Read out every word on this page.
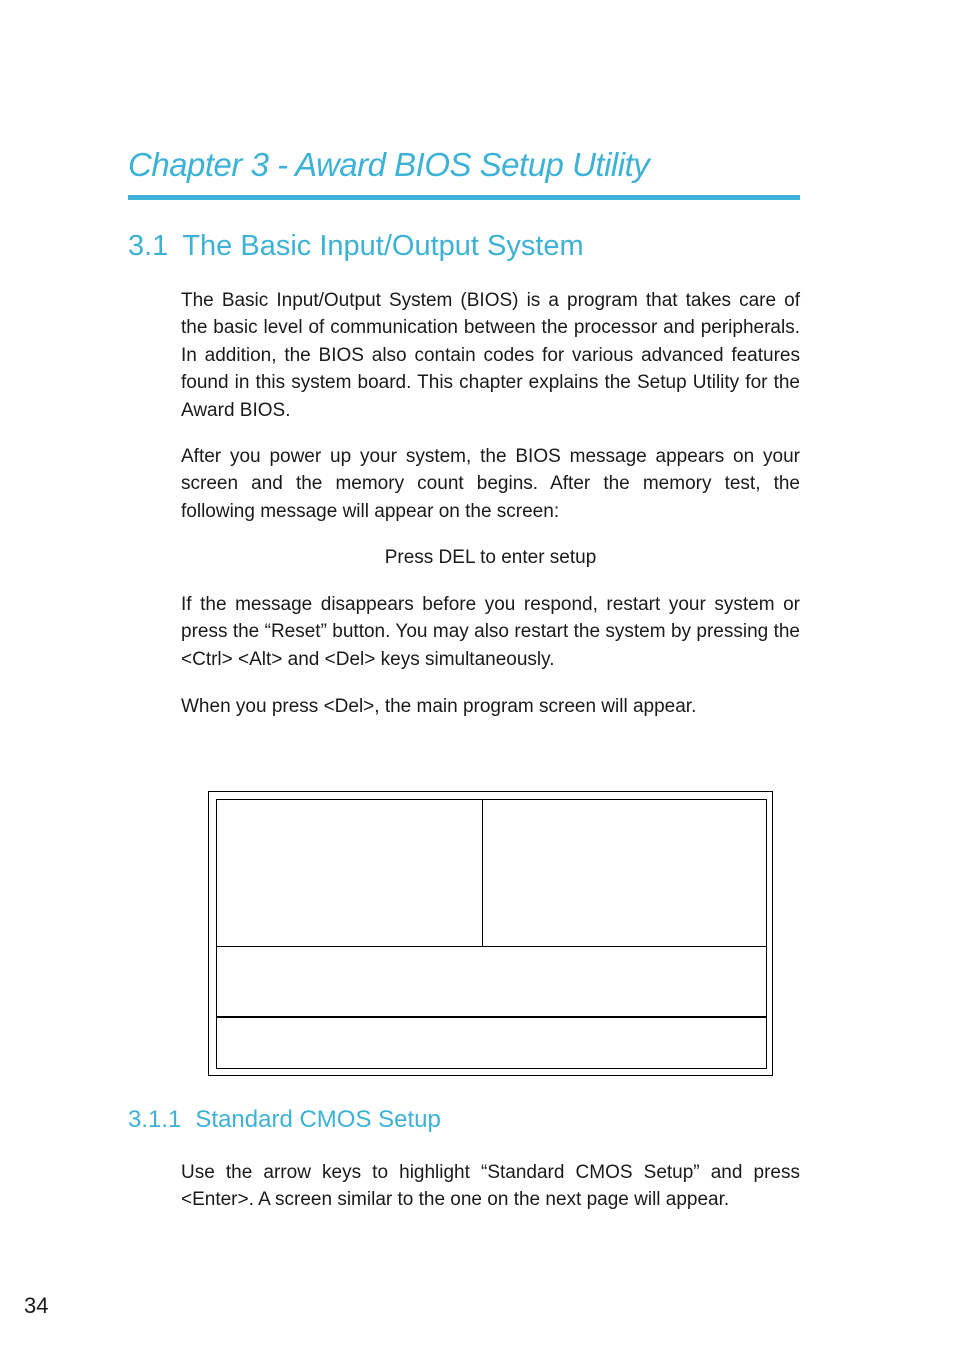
Chapter 3 - Award BIOS Setup Utility
3.1 The Basic Input/Output System

The Basic Input/Output System (BIOS) is a program that takes care of the basic level of communication between the processor and peripherals. In addition, the BIOS also contain codes for various advanced features found in this system board. This chapter explains the Setup Utility for the Award BIOS.

After you power up your system, the BIOS message appears on your screen and the memory count begins. After the memory test, the following message will appear on the screen:

Press DEL to enter setup

If the message disappears before you respond, restart your system or press the “Reset” button. You may also restart the system by pressing the <Ctrl> <Alt> and <Del> keys simultaneously.

When you press <Del>, the main program screen will appear.

3.1.1 Standard CMOS Setup

Use the arrow keys to highlight “Standard CMOS Setup” and press <Enter>. A screen similar to the one on the next page will appear.

34
